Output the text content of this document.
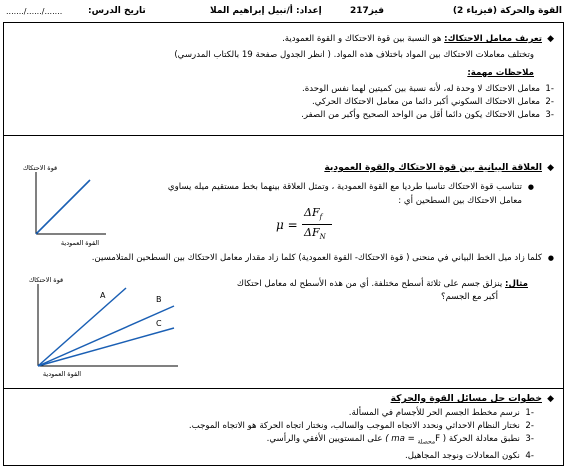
القوة والحركة (فيزياء 2)
فيز217
إعداد: أ/نبيل إبراهيم الملا
تاريخ الدرس:
......./....../.......
◆
تعريف معامل الاحتكاك: هو النسبة بين قوة الاحتكاك و القوة العمودية.
وتختلف معاملات الاحتكاك بين المواد باختلاف هذه المواد. ( انظر الجدول صفحة 19 بالكتاب المدرسي)
ملاحظات مهمة:
-1  معامل الاحتكاك لا وحدة له، لأنه نسبة بين كميتين لهما نفس الوحدة.
-2  معامل الاحتكاك السكوني أكبر دائما من معامل الاحتكاك الحركي.
-3  معامل الاحتكاك يكون دائما أقل من الواحد الصحيح وأكبر من الصفر.
◆
العلاقة البيانية بين قوة الاحتكاك والقوة العمودية
●
تتناسب قوة الاحتكاك تناسبا طرديا مع القوة العمودية ، وتمثل العلاقة بينهما بخط مستقيم ميله يساوي
معامل الاحتكاك بين السطحين أي :
μ =
$\Delta F_f$
$\Delta F_N$
قوة الاحتكاك
القوة العمودية
●
كلما زاد ميل الخط البياني في منحنى ( قوة الاحتكاك- القوة العمودية) كلما زاد مقدار معامل الاحتكاك بين السطحين المتلامسين.
قوة الاحتكاك
A	B
C
القوة العمودية
مثال: ينزلق جسم على ثلاثة أسطح مختلفة. أي من هذه الأسطح له معامل احتكاك
أكبر مع الجسم؟
◆
خطوات حل مسائل القوة والحركة
-1  نرسم مخطط الجسم الحر للأجسام في المسألة.
-2  نختار النظام الاحداثي ونحدد الاتجاه الموجب والسالب، ونختار اتجاه الحركة هو الاتجاه الموجب.
-3  نطبق معادلة الحركة ( $F_{محصلة}$ = ma ) على المستويين الأفقي والرأسي.
-4  نكون المعادلات ونوجد المجاهيل.
